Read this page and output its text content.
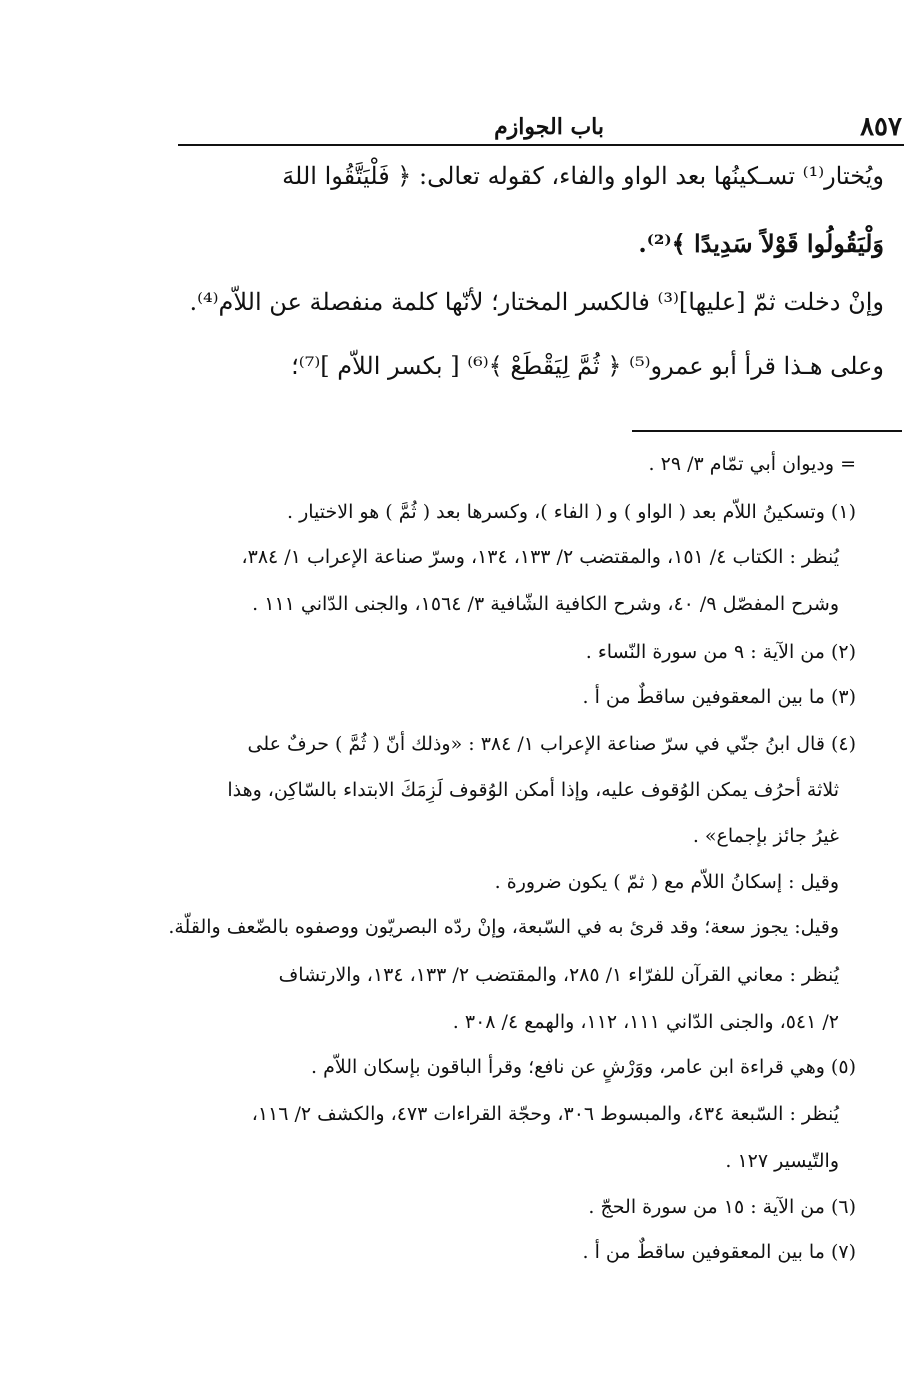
٨٥٧
باب الجوازم
ويُختار⁽¹⁾ تسـكينُها بعد الواو والفاء، كقوله تعالى: ﴿ فَلْيَتَّقُوا اللهَ
وَلْيَقُولُوا قَوْلاً سَدِيدًا ﴾⁽²⁾.
وإنْ دخلت ثمّ [عليها]⁽³⁾ فالكسر المختار؛ لأنّها كلمة منفصلة عن اللاّم⁽⁴⁾.
وعلى هـذا قرأ أبو عمرو⁽⁵⁾ ﴿ ثُمَّ لِيَقْطَعْ ﴾⁽⁶⁾ [ بكسر اللاّم ]⁽⁷⁾؛
= وديوان أبي تمّام ٣/ ٢٩ .
(١) وتسكينُ اللاّم بعد ( الواو ) و ( الفاء )، وكسرها بعد ( ثُمَّ ) هو الاختيار .
يُنظر : الكتاب ٤/ ١٥١، والمقتضب ٢/ ١٣٣، ١٣٤، وسرّ صناعة الإعراب ١/ ٣٨٤،
وشرح المفصّل ٩/ ٤٠، وشرح الكافية الشّافية ٣/ ١٥٦٤، والجنى الدّاني ١١١ .
(٢) من الآية : ٩ من سورة النّساء .
(٣) ما بين المعقوفين ساقطٌ من أ .
(٤) قال ابنُ جنّي في سرّ صناعة الإعراب ١/ ٣٨٤ : «وذلك أنّ ( ثُمَّ ) حرفٌ على
ثلاثة أحرُف يمكن الوُقوف عليه، وإذا أمكن الوُقوف لَزِمَكَ الابتداء بالسّاكِن، وهذا
غيرُ جائز بإجماع» .
وقيل : إسكانُ اللاّم مع ( ثمّ ) يكون ضرورة .
وقيل: يجوز سعة؛ وقد قرئ به في السّبعة، وإنْ ردّه البصريّون ووصفوه بالضّعف والقلّة.
يُنظر : معاني القرآن للفرّاء ١/ ٢٨٥، والمقتضب ٢/ ١٣٣، ١٣٤، والارتشاف
٢/ ٥٤١، والجنى الدّاني ١١١، ١١٢، والهمع ٤/ ٣٠٨ .
(٥) وهي قراءة ابن عامر، ووَرْشٍ عن نافع؛ وقرأ الباقون بإسكان اللاّم .
يُنظر : السّبعة ٤٣٤، والمبسوط ٣٠٦، وحجّة القراءات ٤٧٣، والكشف ٢/ ١١٦،
والتّيسير ١٢٧ .
(٦) من الآية : ١٥ من سورة الحجّ .
(٧) ما بين المعقوفين ساقطٌ من أ .
